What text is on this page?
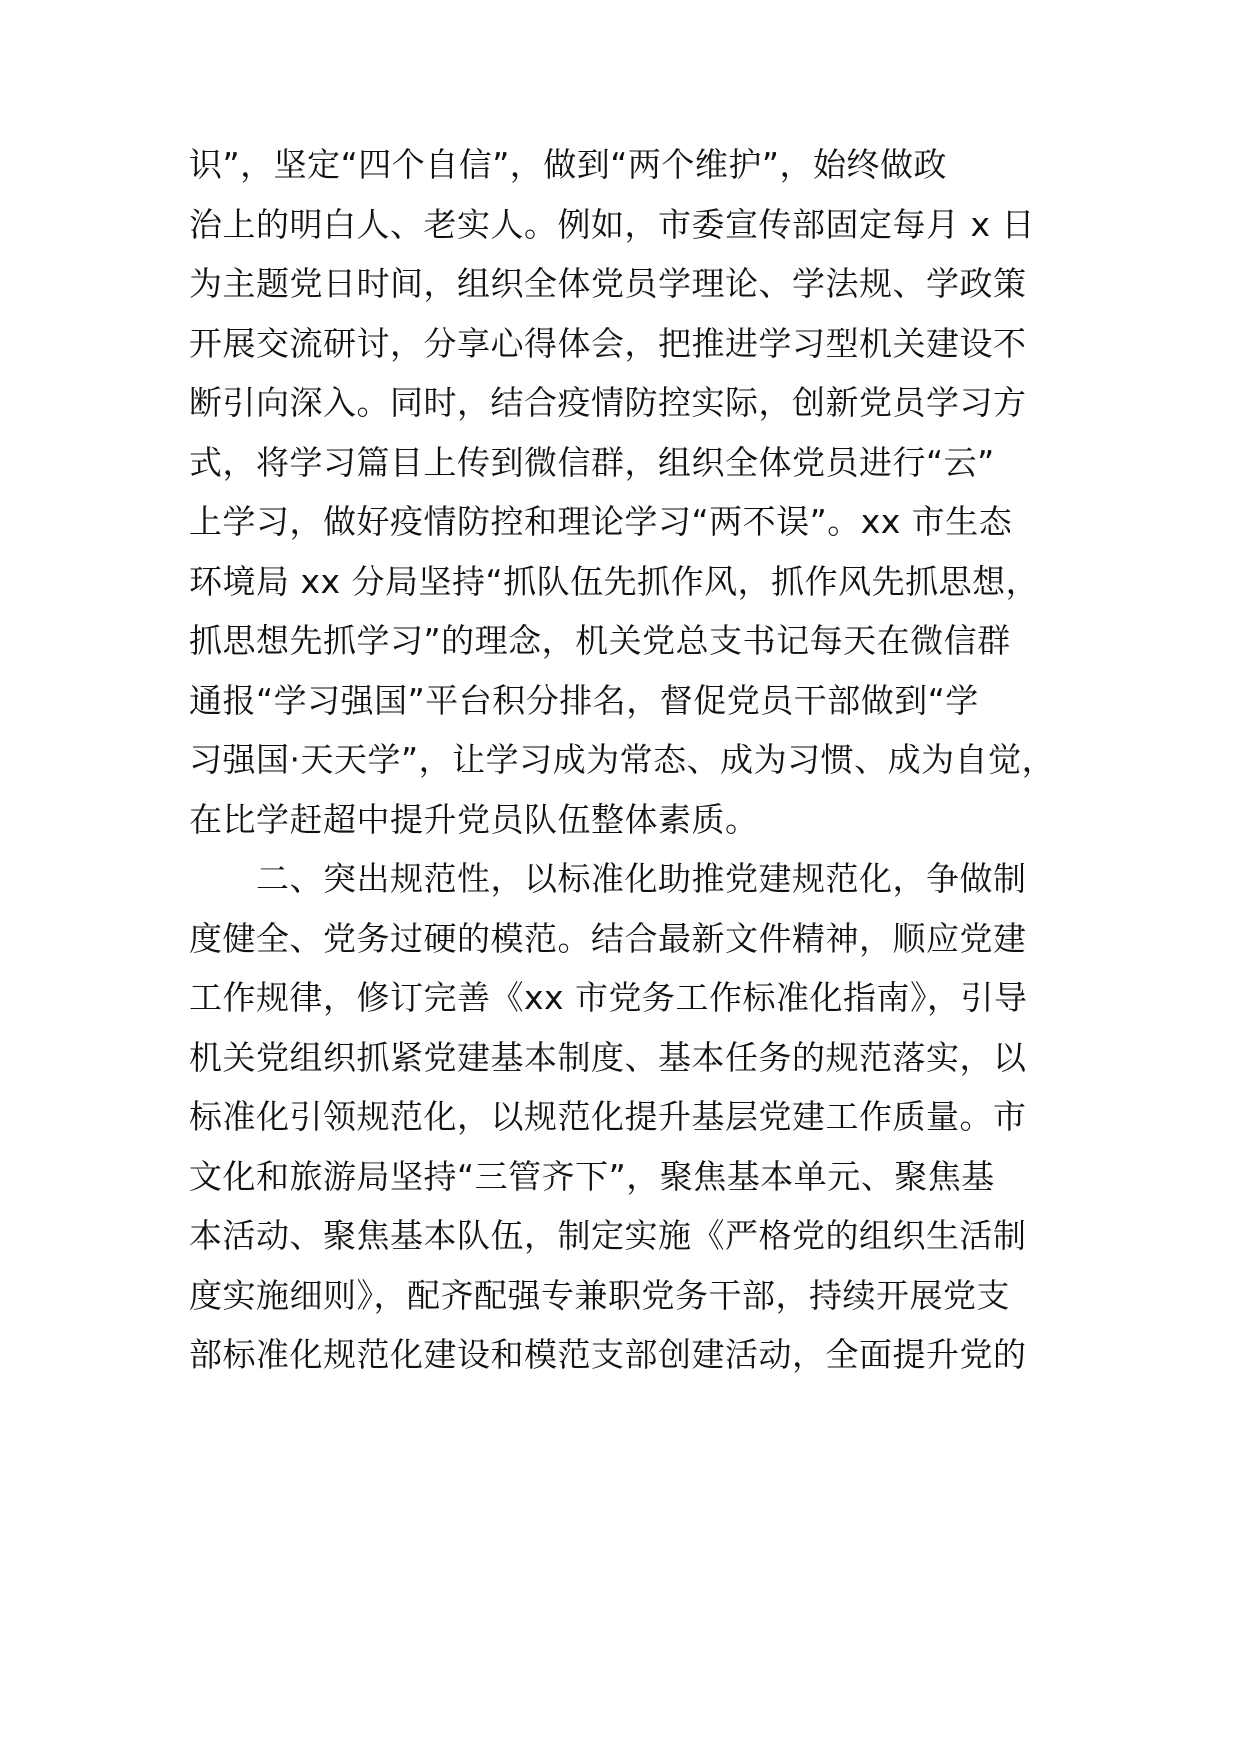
识”，坚定“四个自信”，做到“两个维护”，始终做政
治上的明白人、老实人。例如，市委宣传部固定每月 x 日
为主题党日时间，组织全体党员学理论、学法规、学政策
开展交流研讨，分享心得体会，把推进学习型机关建设不
断引向深入。同时，结合疫情防控实际，创新党员学习方
式，将学习篇目上传到微信群，组织全体党员进行“云”
上学习，做好疫情防控和理论学习“两不误”。xx 市生态
环境局 xx 分局坚持“抓队伍先抓作风，抓作风先抓思想，
抓思想先抓学习”的理念，机关党总支书记每天在微信群
通报“学习强国”平台积分排名，督促党员干部做到“学
习强国·天天学”，让学习成为常态、成为习惯、成为自觉，
在比学赶超中提升党员队伍整体素质。
二、突出规范性，以标准化助推党建规范化，争做制
度健全、党务过硬的模范。结合最新文件精神，顺应党建
工作规律，修订完善《xx 市党务工作标准化指南》，引导
机关党组织抓紧党建基本制度、基本任务的规范落实，以
标准化引领规范化，以规范化提升基层党建工作质量。市
文化和旅游局坚持“三管齐下”，聚焦基本单元、聚焦基
本活动、聚焦基本队伍，制定实施《严格党的组织生活制
度实施细则》，配齐配强专兼职党务干部，持续开展党支
部标准化规范化建设和模范支部创建活动，全面提升党的
